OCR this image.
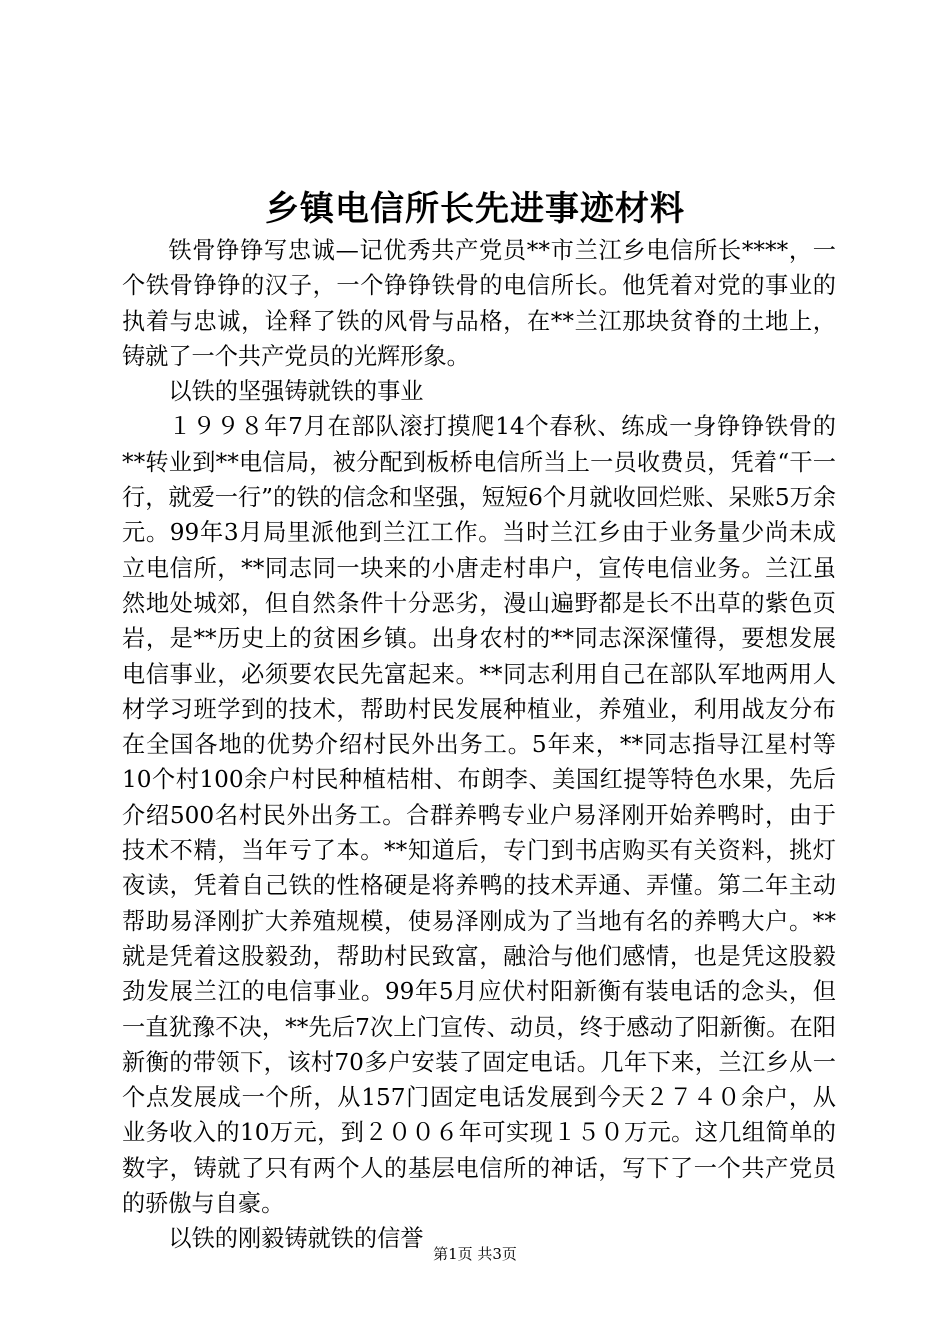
乡镇电信所长先进事迹材料

铁骨铮铮写忠诚—记优秀共产党员**市兰江乡电信所长****，一个铁骨铮铮的汉子，一个铮铮铁骨的电信所长。他凭着对党的事业的执着与忠诚，诠释了铁的风骨与品格，在**兰江那块贫脊的土地上，铸就了一个共产党员的光辉形象。

以铁的坚强铸就铁的事业

１９９８年7月在部队滚打摸爬14个春秋、练成一身铮铮铁骨的**转业到**电信局，被分配到板桥电信所当上一员收费员，凭着“干一行，就爱一行”的铁的信念和坚强，短短6个月就收回烂账、呆账5万余元。99年3月局里派他到兰江工作。当时兰江乡由于业务量少尚未成立电信所，**同志同一块来的小唐走村串户，宣传电信业务。兰江虽然地处城郊，但自然条件十分恶劣，漫山遍野都是长不出草的紫色页岩，是**历史上的贫困乡镇。出身农村的**同志深深懂得，要想发展电信事业，必须要农民先富起来。**同志利用自己在部队军地两用人材学习班学到的技术，帮助村民发展种植业，养殖业，利用战友分布在全国各地的优势介绍村民外出务工。5年来，**同志指导江星村等10个村100余户村民种植桔柑、布朗李、美国红提等特色水果，先后介绍500名村民外出务工。合群养鸭专业户易泽刚开始养鸭时，由于技术不精，当年亏了本。**知道后，专门到书店购买有关资料，挑灯夜读，凭着自己铁的性格硬是将养鸭的技术弄通、弄懂。第二年主动帮助易泽刚扩大养殖规模，使易泽刚成为了当地有名的养鸭大户。**就是凭着这股毅劲，帮助村民致富，融洽与他们感情，也是凭这股毅劲发展兰江的电信事业。99年5月应伏村阳新衡有装电话的念头，但一直犹豫不决，**先后7次上门宣传、动员，终于感动了阳新衡。在阳新衡的带领下，该村70多户安装了固定电话。几年下来，兰江乡从一个点发展成一个所，从157门固定电话发展到今天２７４０余户，从业务收入的10万元，到２００６年可实现１５０万元。这几组简单的数字，铸就了只有两个人的基层电信所的神话，写下了一个共产党员的骄傲与自豪。

以铁的刚毅铸就铁的信誉

第1页 共3页
